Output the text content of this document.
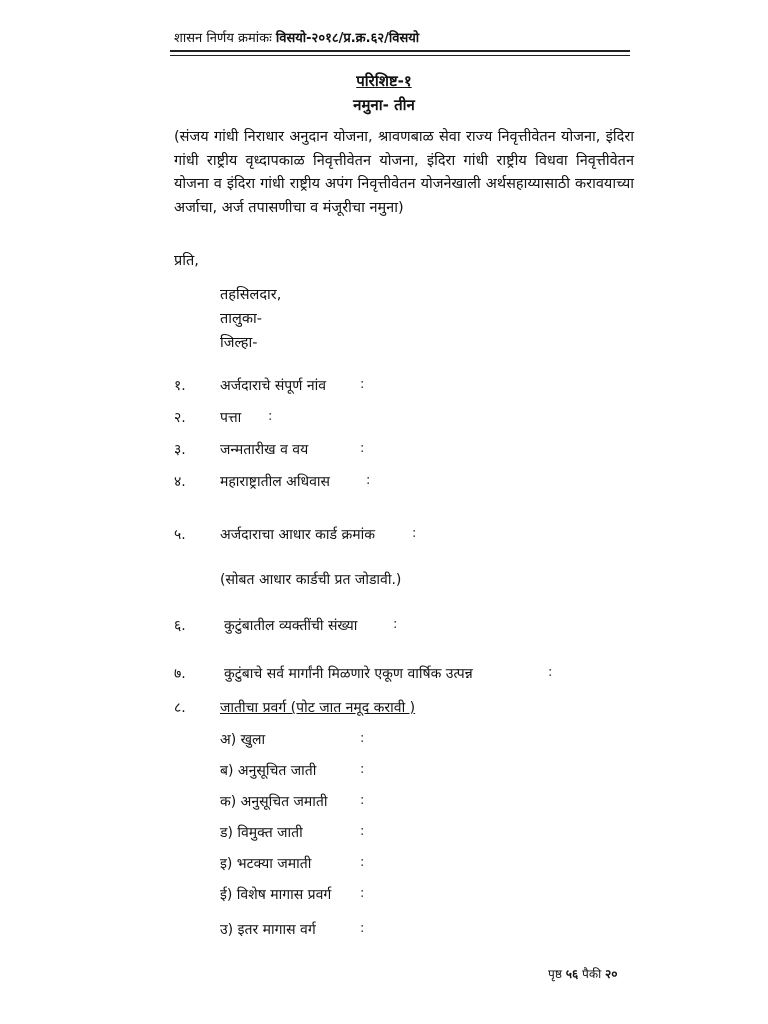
शासन निर्णय क्रमांकः विसयो-२०१८/प्र.क्र.६२/विसयो
परिशिष्ट-१
नमुना- तीन
(संजय गांधी निराधार अनुदान योजना, श्रावणबाळ सेवा राज्य निवृत्तीवेतन योजना, इंदिरा गांधी राष्ट्रीय वृध्दापकाळ निवृत्तीवेतन योजना, इंदिरा गांधी राष्ट्रीय विधवा निवृत्तीवेतन योजना व इंदिरा गांधी राष्ट्रीय अपंग निवृत्तीवेतन योजनेखाली अर्थसहाय्यासाठी करावयाच्या अर्जाचा, अर्ज तपासणीचा व मंजूरीचा नमुना)
प्रति,
तहसिलदार,
तालुका-
जिल्हा-
१. अर्जदाराचे संपूर्ण नांव	:
२. पत्ता :
३. जन्मतारीख व वय	:
४. महाराष्ट्रातील अधिवास	:
५. अर्जदाराचा आधार कार्ड क्रमांक	:
(सोबत आधार कार्डची प्रत जोडावी.)
६.	कुटुंबातील व्यक्तींची संख्या	:
७.	कुटुंबाचे सर्व मार्गांनी मिळणारे एकूण वार्षिक उत्पन्न	:
८. जातीचा प्रवर्ग (पोट जात नमूद करावी )
अ) खुला	:
ब) अनुसूचित जाती	:
क) अनुसूचित जमाती :
ड) विमुक्त जाती	:
इ) भटक्या जमाती	:
ई) विशेष मागास प्रवर्ग :
उ) इतर मागास वर्ग	:
पृष्ठ ५६ पैकी २०
